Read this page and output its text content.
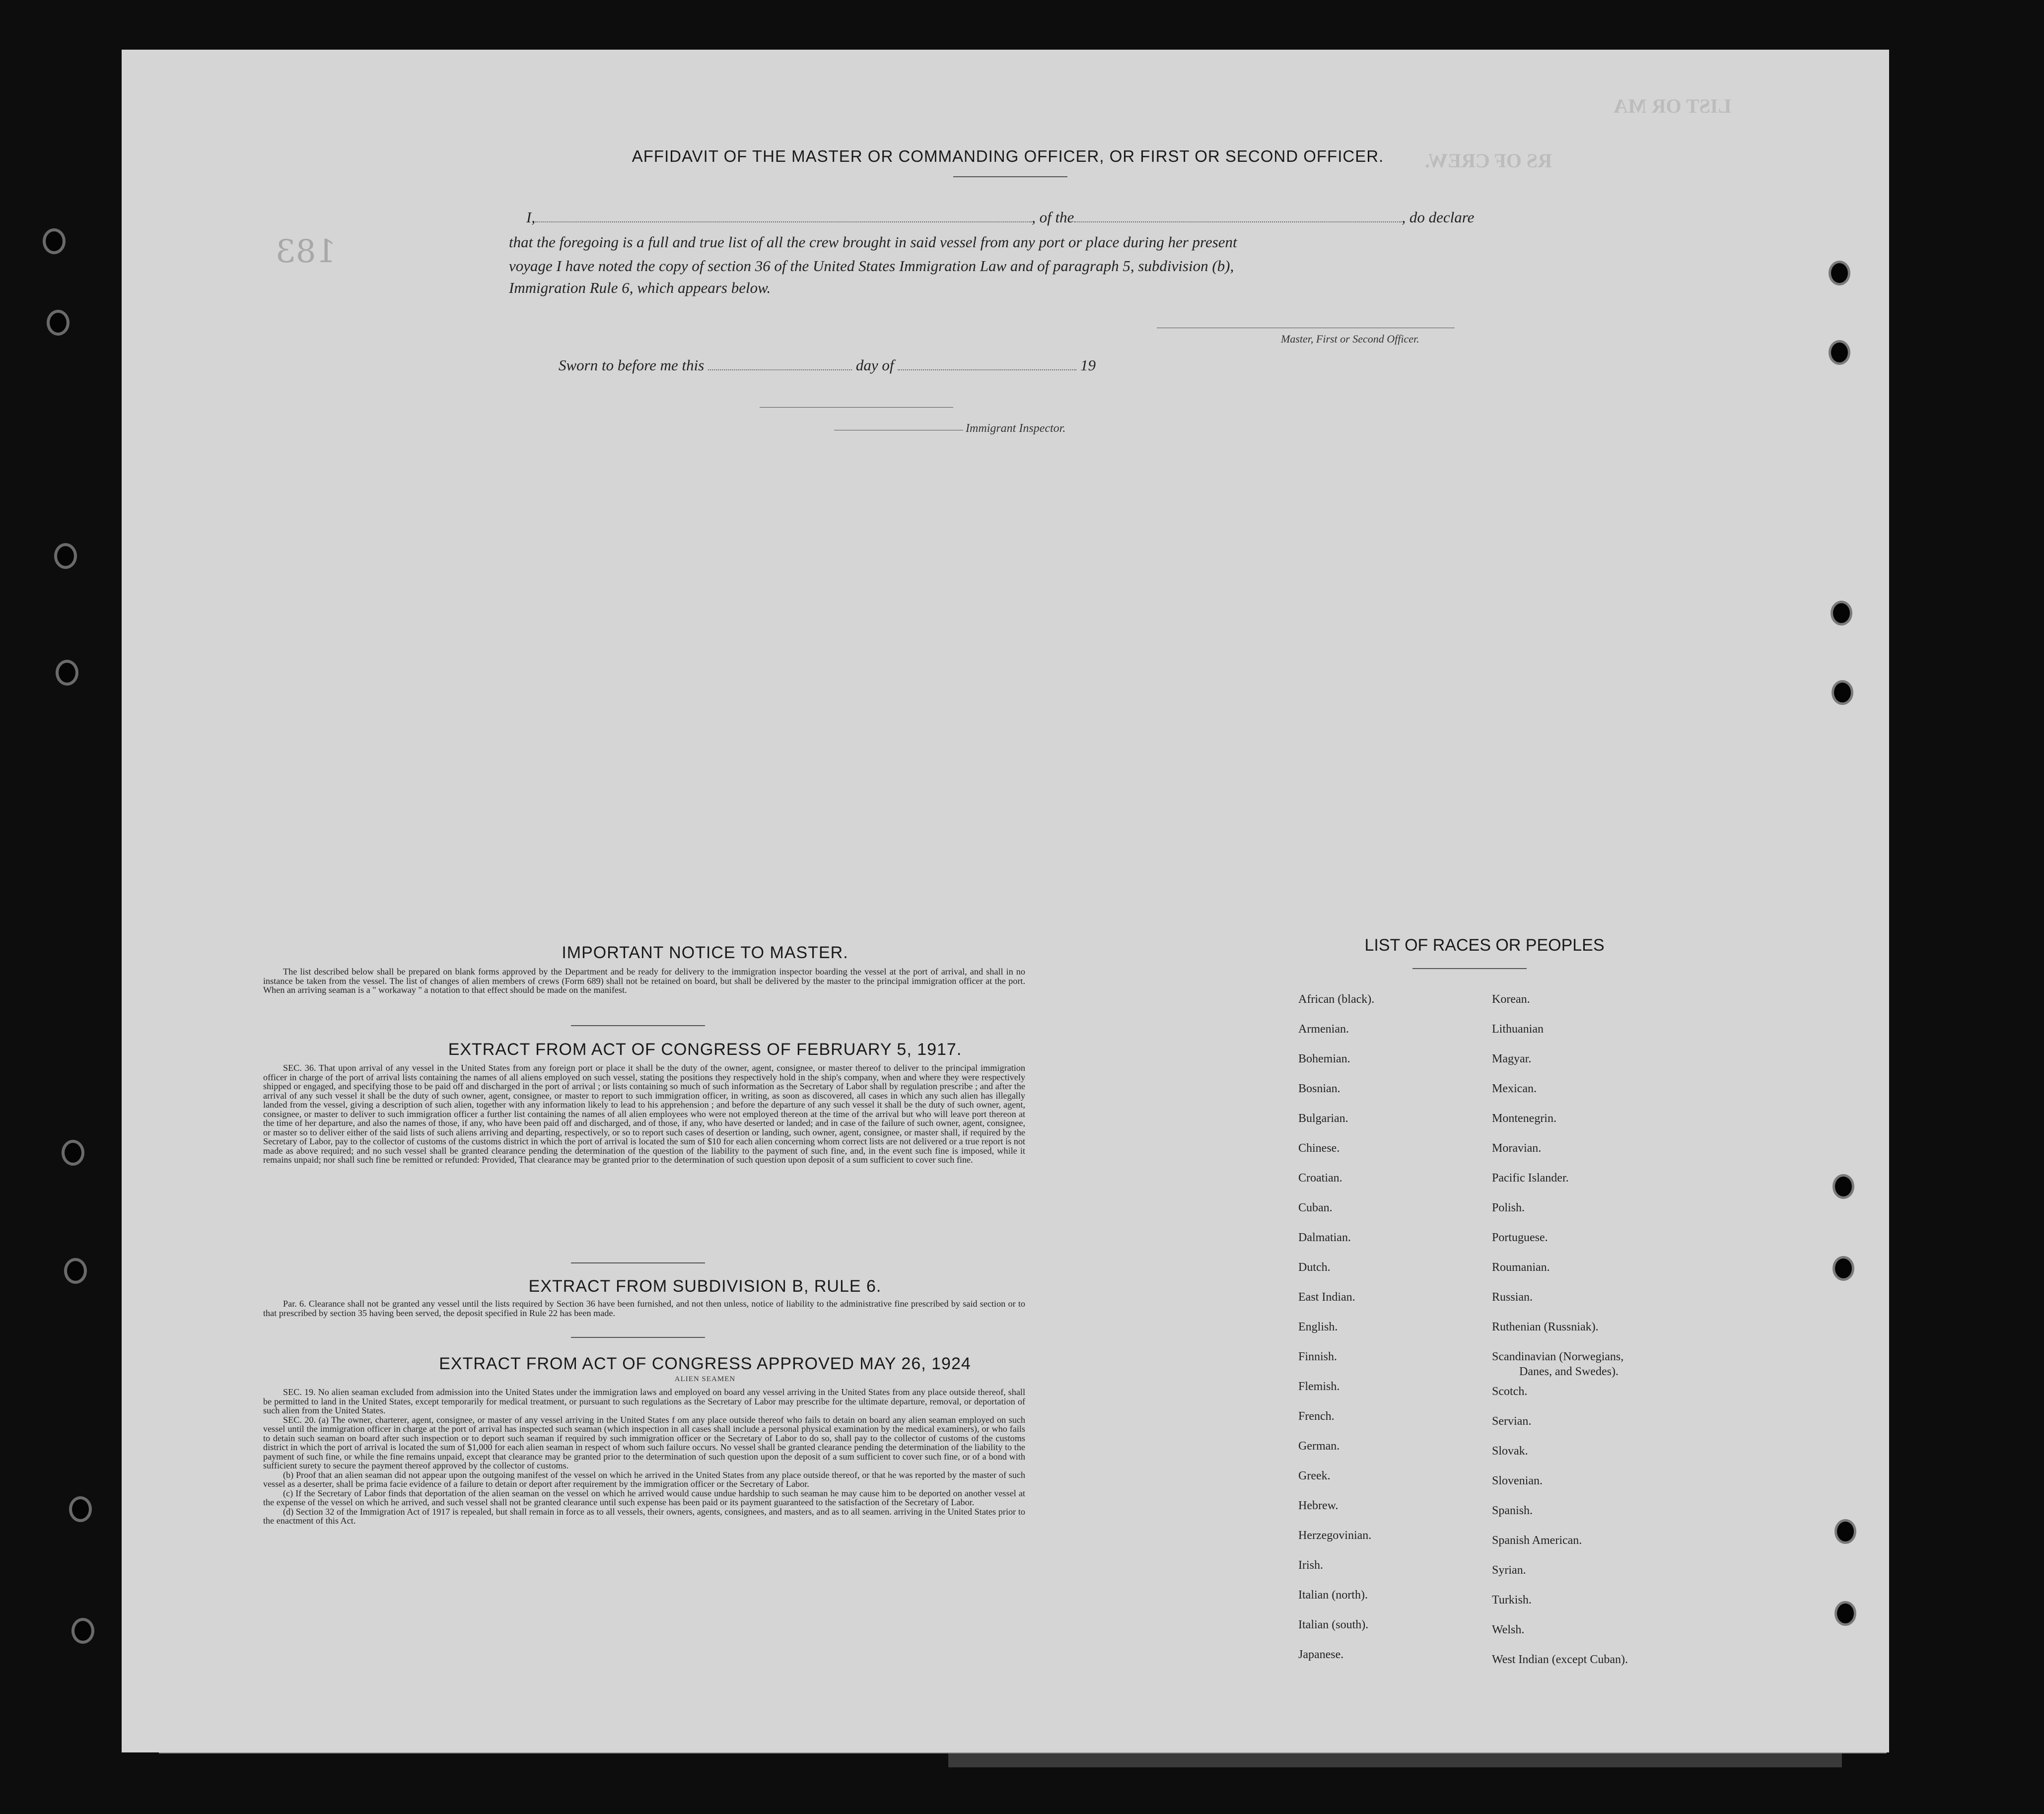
RS OF CREW.
LIST OR MA
183
AFFIDAVIT OF THE MASTER OR COMMANDING OFFICER, OR FIRST OR SECOND OFFICER.
I,	, of the	, do declare
that the foregoing is a full and true list of all the crew brought in said vessel from any port or place during her present
voyage I have noted the copy of section 36 of the United States Immigration Law and of paragraph 5, subdivision (b),
Immigration Rule 6, which appears below.
Master, First or Second Officer.
Sworn to before me this	day of	19
Immigrant Inspector.
IMPORTANT NOTICE TO MASTER.

The list described below shall be prepared on blank forms approved by the Department and be ready for delivery to the immigration inspector boarding the vessel at the port of arrival, and shall in no instance be taken from the vessel. The list of changes of alien members of crews (Form 689) shall not be retained on board, but shall be delivered by the master to the principal immigration officer at the port. When an arriving seaman is a " workaway " a notation to that effect should be made on the manifest.

EXTRACT FROM ACT OF CONGRESS OF FEBRUARY 5, 1917.

SEC. 36. That upon arrival of any vessel in the United States from any foreign port or place it shall be the duty of the owner, agent, consignee, or master thereof to deliver to the principal immigration officer in charge of the port of arrival lists containing the names of all aliens employed on such vessel, stating the positions they respectively hold in the ship's company, when and where they were respectively shipped or engaged, and specifying those to be paid off and discharged in the port of arrival ; or lists containing so much of such information as the Secretary of Labor shall by regulation prescribe ; and after the arrival of any such vessel it shall be the duty of such owner, agent, consignee, or master to report to such immigration officer, in writing, as soon as discovered, all cases in which any such alien has illegally landed from the vessel, giving a description of such alien, together with any information likely to lead to his apprehension ; and before the departure of any such vessel it shall be the duty of such owner, agent, consignee, or master to deliver to such immigration officer a further list containing the names of all alien employees who were not employed thereon at the time of the arrival but who will leave port thereon at the time of her departure, and also the names of those, if any, who have been paid off and discharged, and of those, if any, who have deserted or landed; and in case of the failure of such owner, agent, consignee, or master so to deliver either of the said lists of such aliens arriving and departing, respectively, or so to report such cases of desertion or landing, such owner, agent, consignee, or master shall, if required by the Secretary of Labor, pay to the collector of customs of the customs district in which the port of arrival is located the sum of $10 for each alien concerning whom correct lists are not delivered or a true report is not made as above required; and no such vessel shall be granted clearance pending the determination of the question of the liability to the payment of such fine, and, in the event such fine is imposed, while it remains unpaid; nor shall such fine be remitted or refunded: Provided, That clearance may be granted prior to the determination of such question upon deposit of a sum sufficient to cover such fine.

EXTRACT FROM SUBDIVISION B, RULE 6.

Par. 6. Clearance shall not be granted any vessel until the lists required by Section 36 have been furnished, and not then unless, notice of liability to the administrative fine prescribed by said section or to that prescribed by section 35 having been served, the deposit specified in Rule 22 has been made.

EXTRACT FROM ACT OF CONGRESS APPROVED MAY 26, 1924
ALIEN SEAMEN

SEC. 19. No alien seaman excluded from admission into the United States under the immigration laws and employed on board any vessel arriving in the United States from any place outside thereof, shall be permitted to land in the United States, except temporarily for medical treatment, or pursuant to such regulations as the Secretary of Labor may prescribe for the ultimate departure, removal, or deportation of such alien from the United States.

SEC. 20. (a) The owner, charterer, agent, consignee, or master of any vessel arriving in the United States f om any place outside thereof who fails to detain on board any alien seaman employed on such vessel until the immigration officer in charge at the port of arrival has inspected such seaman (which inspection in all cases shall include a personal physical examination by the medical examiners), or who fails to detain such seaman on board after such inspection or to deport such seaman if required by such immigration officer or the Secretary of Labor to do so, shall pay to the collector of customs of the customs district in which the port of arrival is located the sum of $1,000 for each alien seaman in respect of whom such failure occurs. No vessel shall be granted clearance pending the determination of the liability to the payment of such fine, or while the fine remains unpaid, except that clearance may be granted prior to the determination of such question upon the deposit of a sum sufficient to cover such fine, or of a bond with sufficient surety to secure the payment thereof approved by the collector of customs.

(b) Proof that an alien seaman did not appear upon the outgoing manifest of the vessel on which he arrived in the United States from any place outside thereof, or that he was reported by the master of such vessel as a deserter, shall be prima facie evidence of a failure to detain or deport after requirement by the immigration officer or the Secretary of Labor.

(c) If the Secretary of Labor finds that deportation of the alien seaman on the vessel on which he arrived would cause undue hardship to such seaman he may cause him to be deported on another vessel at the expense of the vessel on which he arrived, and such vessel shall not be granted clearance until such expense has been paid or its payment guaranteed to the satisfaction of the Secretary of Labor.

(d) Section 32 of the Immigration Act of 1917 is repealed, but shall remain in force as to all vessels, their owners, agents, consignees, and masters, and as to all seamen. arriving in the United States prior to the enactment of this Act.

LIST OF RACES OR PEOPLES
African (black).
Armenian.
Bohemian.
Bosnian.
Bulgarian.
Chinese.
Croatian.
Cuban.
Dalmatian.
Dutch.
East Indian.
English.
Finnish.
Flemish.
French.
German.
Greek.
Hebrew.
Herzegovinian.
Irish.
Italian (north).
Italian (south).
Japanese.
Korean.
Lithuanian
Magyar.
Mexican.
Montenegrin.
Moravian.
Pacific Islander.
Polish.
Portuguese.
Roumanian.
Russian.
Ruthenian (Russniak).
Scandinavian (Norwegians,
Danes, and Swedes).
Scotch.
Servian.
Slovak.
Slovenian.
Spanish.
Spanish American.
Syrian.
Turkish.
Welsh.
West Indian (except Cuban).
